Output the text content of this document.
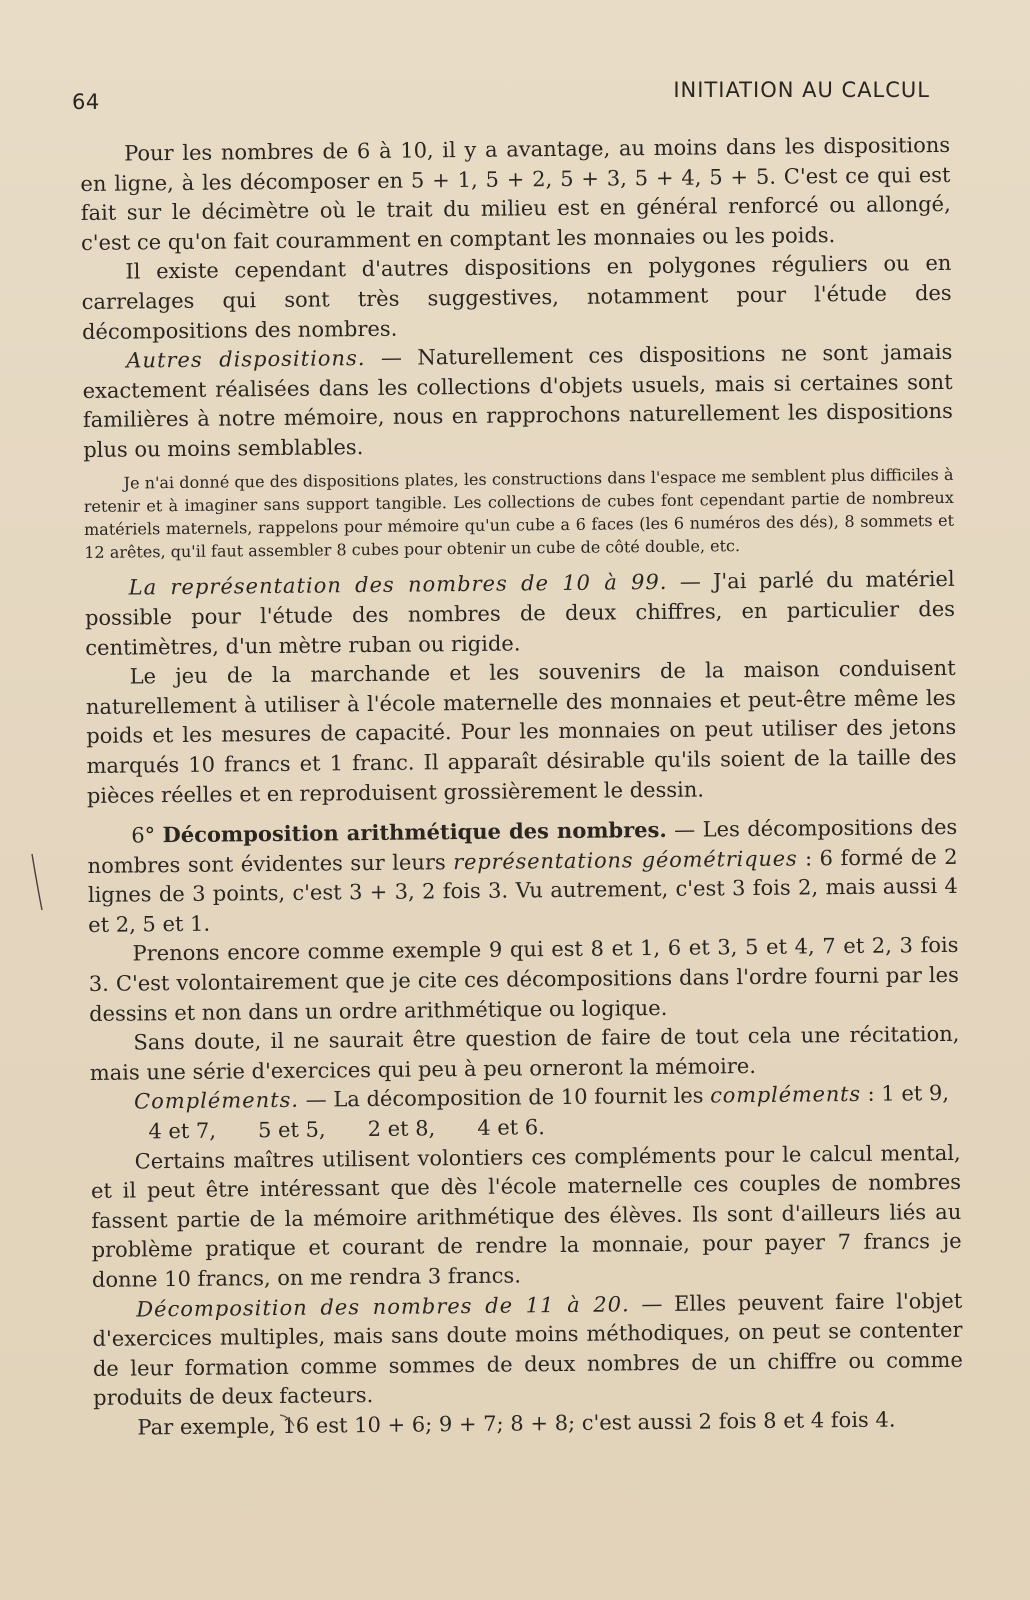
64	INITIATION AU CALCUL

Pour les nombres de 6 à 10, il y a avantage, au moins dans les dispositions en ligne, à les décomposer en 5 + 1, 5 + 2, 5 + 3, 5 + 4, 5 + 5. C'est ce qui est fait sur le décimètre où le trait du milieu est en général renforcé ou allongé, c'est ce qu'on fait couramment en comptant les monnaies ou les poids.

Il existe cependant d'autres dispositions en polygones réguliers ou en carrelages qui sont très suggestives, notamment pour l'étude des décompositions des nombres.

Autres dispositions. — Naturellement ces dispositions ne sont jamais exactement réalisées dans les collections d'objets usuels, mais si certaines sont familières à notre mémoire, nous en rapprochons naturellement les dispositions plus ou moins semblables.

Je n'ai donné que des dispositions plates, les constructions dans l'espace me semblent plus difficiles à retenir et à imaginer sans support tangible. Les collections de cubes font cependant partie de nombreux matériels maternels, rappelons pour mémoire qu'un cube a 6 faces (les 6 numéros des dés), 8 sommets et 12 arêtes, qu'il faut assembler 8 cubes pour obtenir un cube de côté double, etc.

La représentation des nombres de 10 à 99. — J'ai parlé du matériel possible pour l'étude des nombres de deux chiffres, en particulier des centimètres, d'un mètre ruban ou rigide.

Le jeu de la marchande et les souvenirs de la maison conduisent naturellement à utiliser à l'école maternelle des monnaies et peut-être même les poids et les mesures de capacité. Pour les monnaies on peut utiliser des jetons marqués 10 francs et 1 franc. Il apparaît désirable qu'ils soient de la taille des pièces réelles et en reproduisent grossièrement le dessin.

6° Décomposition arithmétique des nombres. — Les décompositions des nombres sont évidentes sur leurs représentations géométriques : 6 formé de 2 lignes de 3 points, c'est 3 + 3, 2 fois 3. Vu autrement, c'est 3 fois 2, mais aussi 4 et 2, 5 et 1.

Prenons encore comme exemple 9 qui est 8 et 1, 6 et 3, 5 et 4, 7 et 2, 3 fois 3. C'est volontairement que je cite ces décompositions dans l'ordre fourni par les dessins et non dans un ordre arithmétique ou logique.

Sans doute, il ne saurait être question de faire de tout cela une récitation, mais une série d'exercices qui peu à peu orneront la mémoire.

Compléments. — La décomposition de 10 fournit les compléments : 1 et 9,

4 et 7, 5 et 5, 2 et 8, 4 et 6.

Certains maîtres utilisent volontiers ces compléments pour le calcul mental, et il peut être intéressant que dès l'école maternelle ces couples de nombres fassent partie de la mémoire arithmétique des élèves. Ils sont d'ailleurs liés au problème pratique et courant de rendre la monnaie, pour payer 7 francs je donne 10 francs, on me rendra 3 francs.

Décomposition des nombres de 11 à 20. — Elles peuvent faire l'objet d'exercices multiples, mais sans doute moins méthodiques, on peut se contenter de leur formation comme sommes de deux nombres de un chiffre ou comme produits de deux facteurs.

Par exemple, 16 est 10 + 6; 9 + 7; 8 + 8; c'est aussi 2 fois 8 et 4 fois 4.
